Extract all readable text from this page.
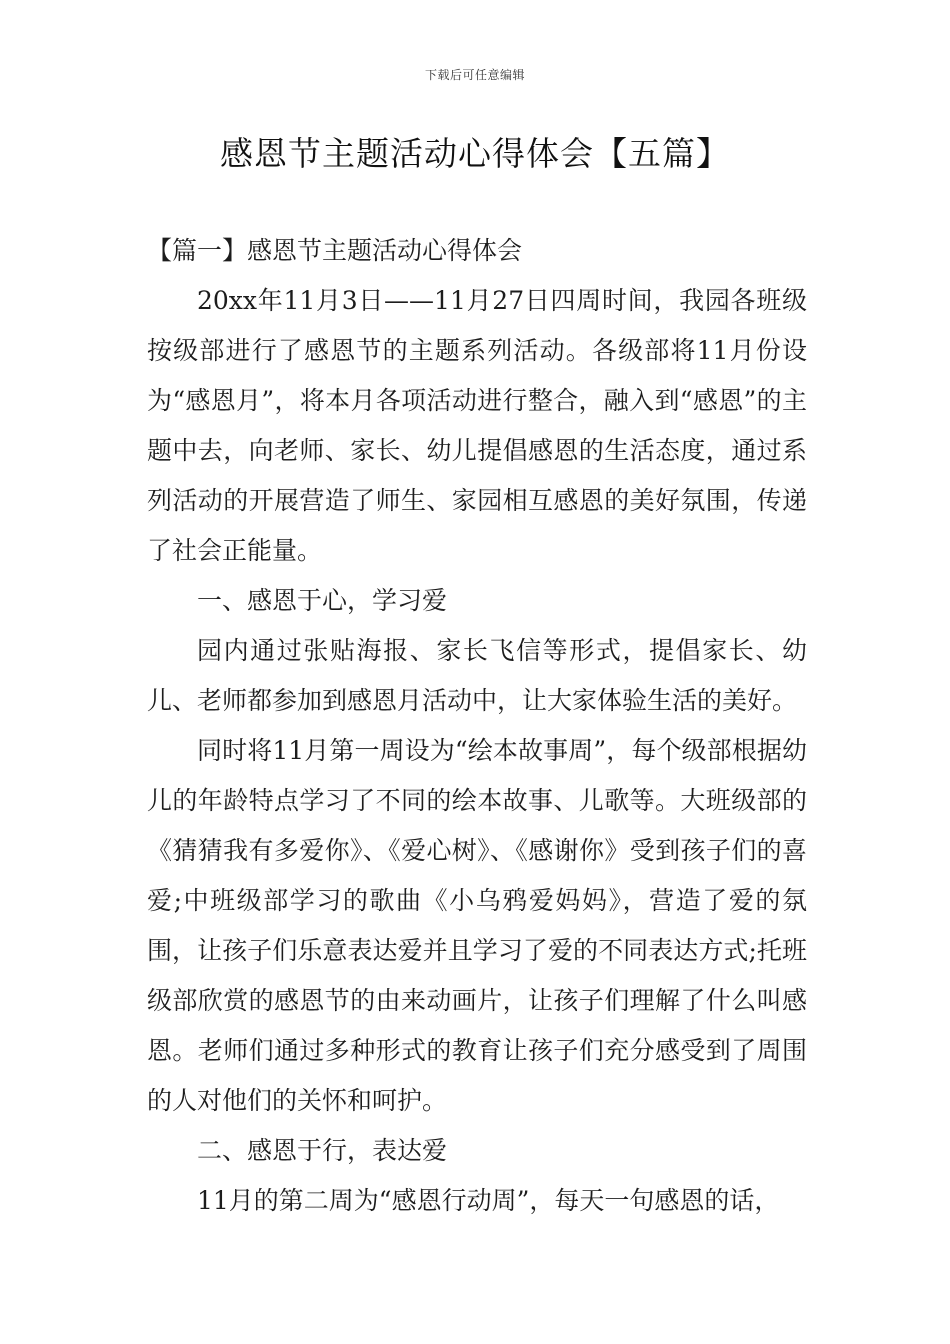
下载后可任意编辑
感恩节主题活动心得体会【五篇】
【篇一】感恩节主题活动心得体会

20xx年11月3日——11月27日四周时间，我园各班级按级部进行了感恩节的主题系列活动。各级部将11月份设为“感恩月”，将本月各项活动进行整合，融入到“感恩”的主题中去，向老师、家长、幼儿提倡感恩的生活态度，通过系列活动的开展营造了师生、家园相互感恩的美好氛围，传递了社会正能量。

一、感恩于心，学习爱

园内通过张贴海报、家长飞信等形式，提倡家长、幼儿、老师都参加到感恩月活动中，让大家体验生活的美好。

同时将11月第一周设为“绘本故事周”，每个级部根据幼儿的年龄特点学习了不同的绘本故事、儿歌等。大班级部的《猜猜我有多爱你》、《爱心树》、《感谢你》受到孩子们的喜爱;中班级部学习的歌曲《小乌鸦爱妈妈》，营造了爱的氛围，让孩子们乐意表达爱并且学习了爱的不同表达方式;托班级部欣赏的感恩节的由来动画片，让孩子们理解了什么叫感恩。老师们通过多种形式的教育让孩子们充分感受到了周围的人对他们的关怀和呵护。

二、感恩于行，表达爱

11月的第二周为“感恩行动周”，每天一句感恩的话，
